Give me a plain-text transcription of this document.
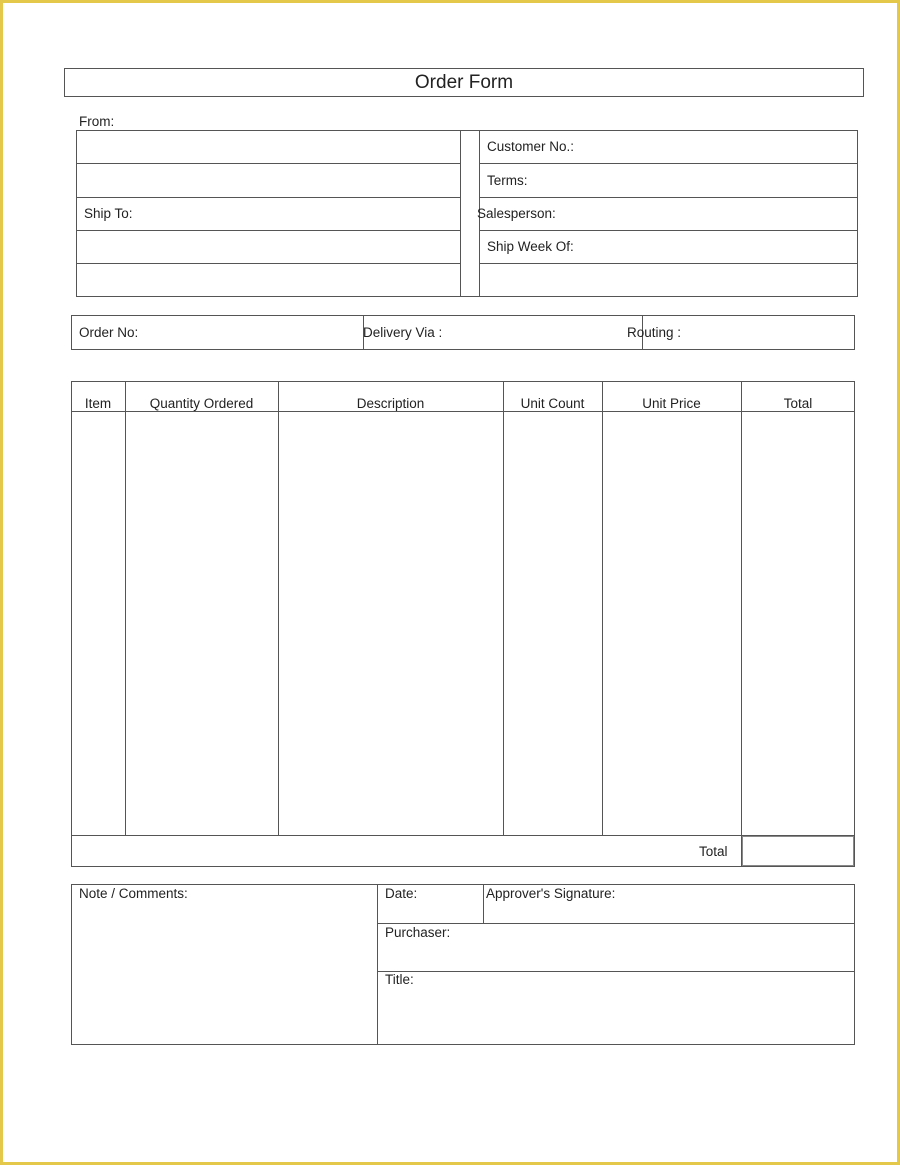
Order Form
From:
Ship To:
Customer No.:
Terms:
Salesperson:
Ship Week Of:
Order No:	Delivery Via :	Routing :
Item	Quantity Ordered	Description	Unit Count	Unit Price	Total
Total
Note / Comments:	Date:	Approver's Signature:
Purchaser:
Title:
